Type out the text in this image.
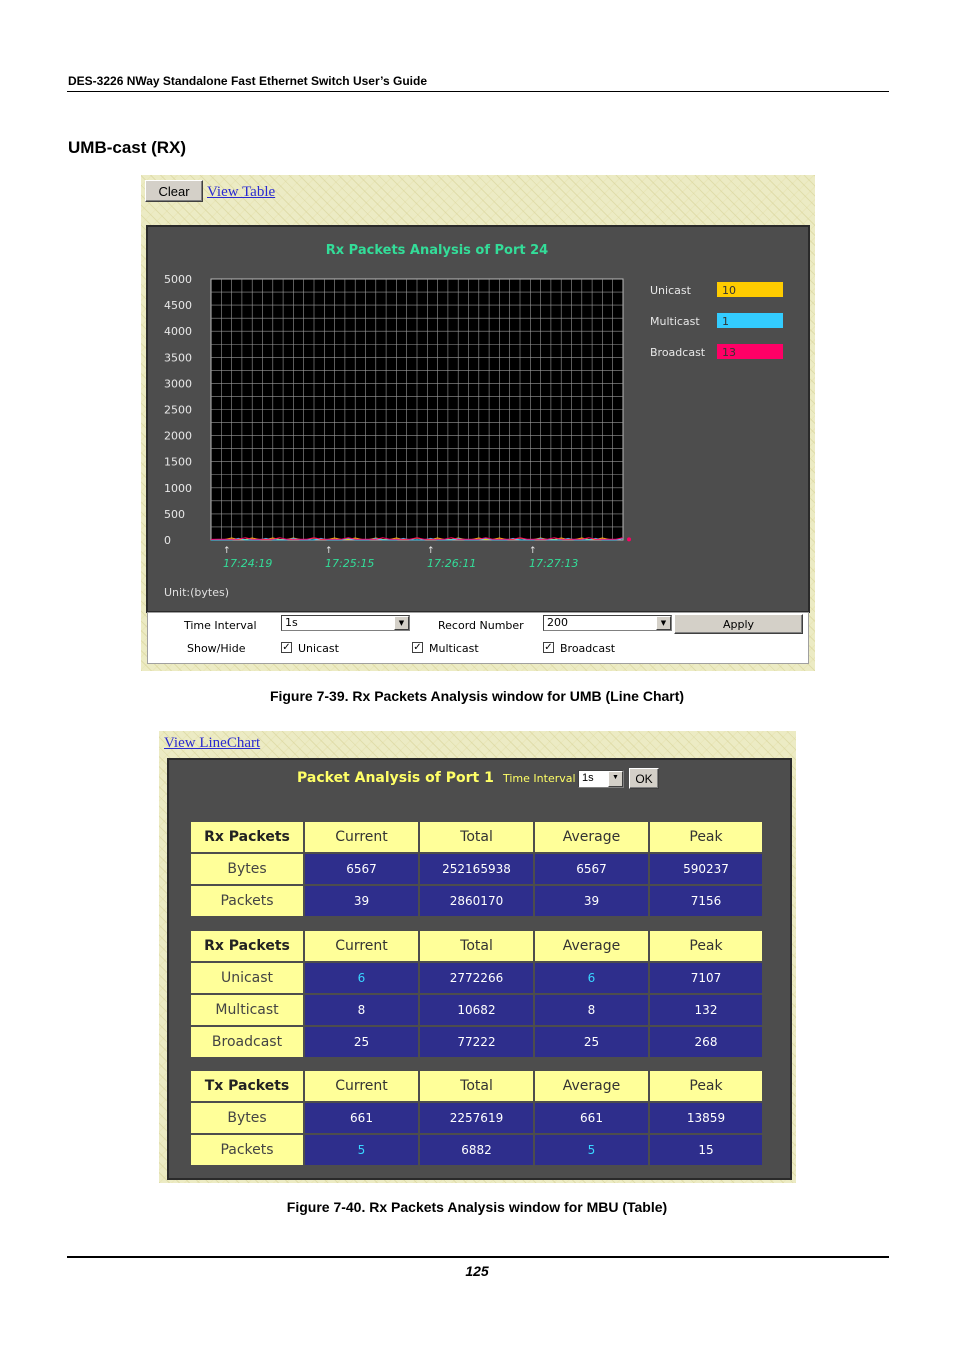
DES-3226 NWay Standalone Fast Ethernet Switch User’s Guide
UMB-cast (RX)
Clear	View Table
Rx Packets Analysis of Port 24
5000
4500
4000
3500
3000
2500
2000
1500
1000
500
0
↑
17:24:19
↑
17:25:15
↑
17:26:11
↑
17:27:13
Unicast	10
Multicast 1
Broadcast 13
Unit:(bytes)
Time Interval	1s	▼	Record Number	200	▼	Apply
Show/Hide	✓ Unicast	✓ Multicast	✓ Broadcast
Figure 7-39. Rx Packets Analysis window for UMB (Line Chart)
View LineChart
Packet Analysis of Port 1 Time Interval 1s	▼	OK
Rx Packets	Current	Total	Average	Peak
Bytes	6567	252165938	6567	590237
Packets	39	2860170	39	7156
Rx Packets	Current	Total	Average	Peak
Unicast	6	2772266	6	7107
Multicast	8	10682	8	132
Broadcast	25	77222	25	268
Tx Packets	Current	Total	Average	Peak
Bytes	661	2257619	661	13859
Packets	5	6882	5	15
Figure 7-40. Rx Packets Analysis window for MBU (Table)
125
